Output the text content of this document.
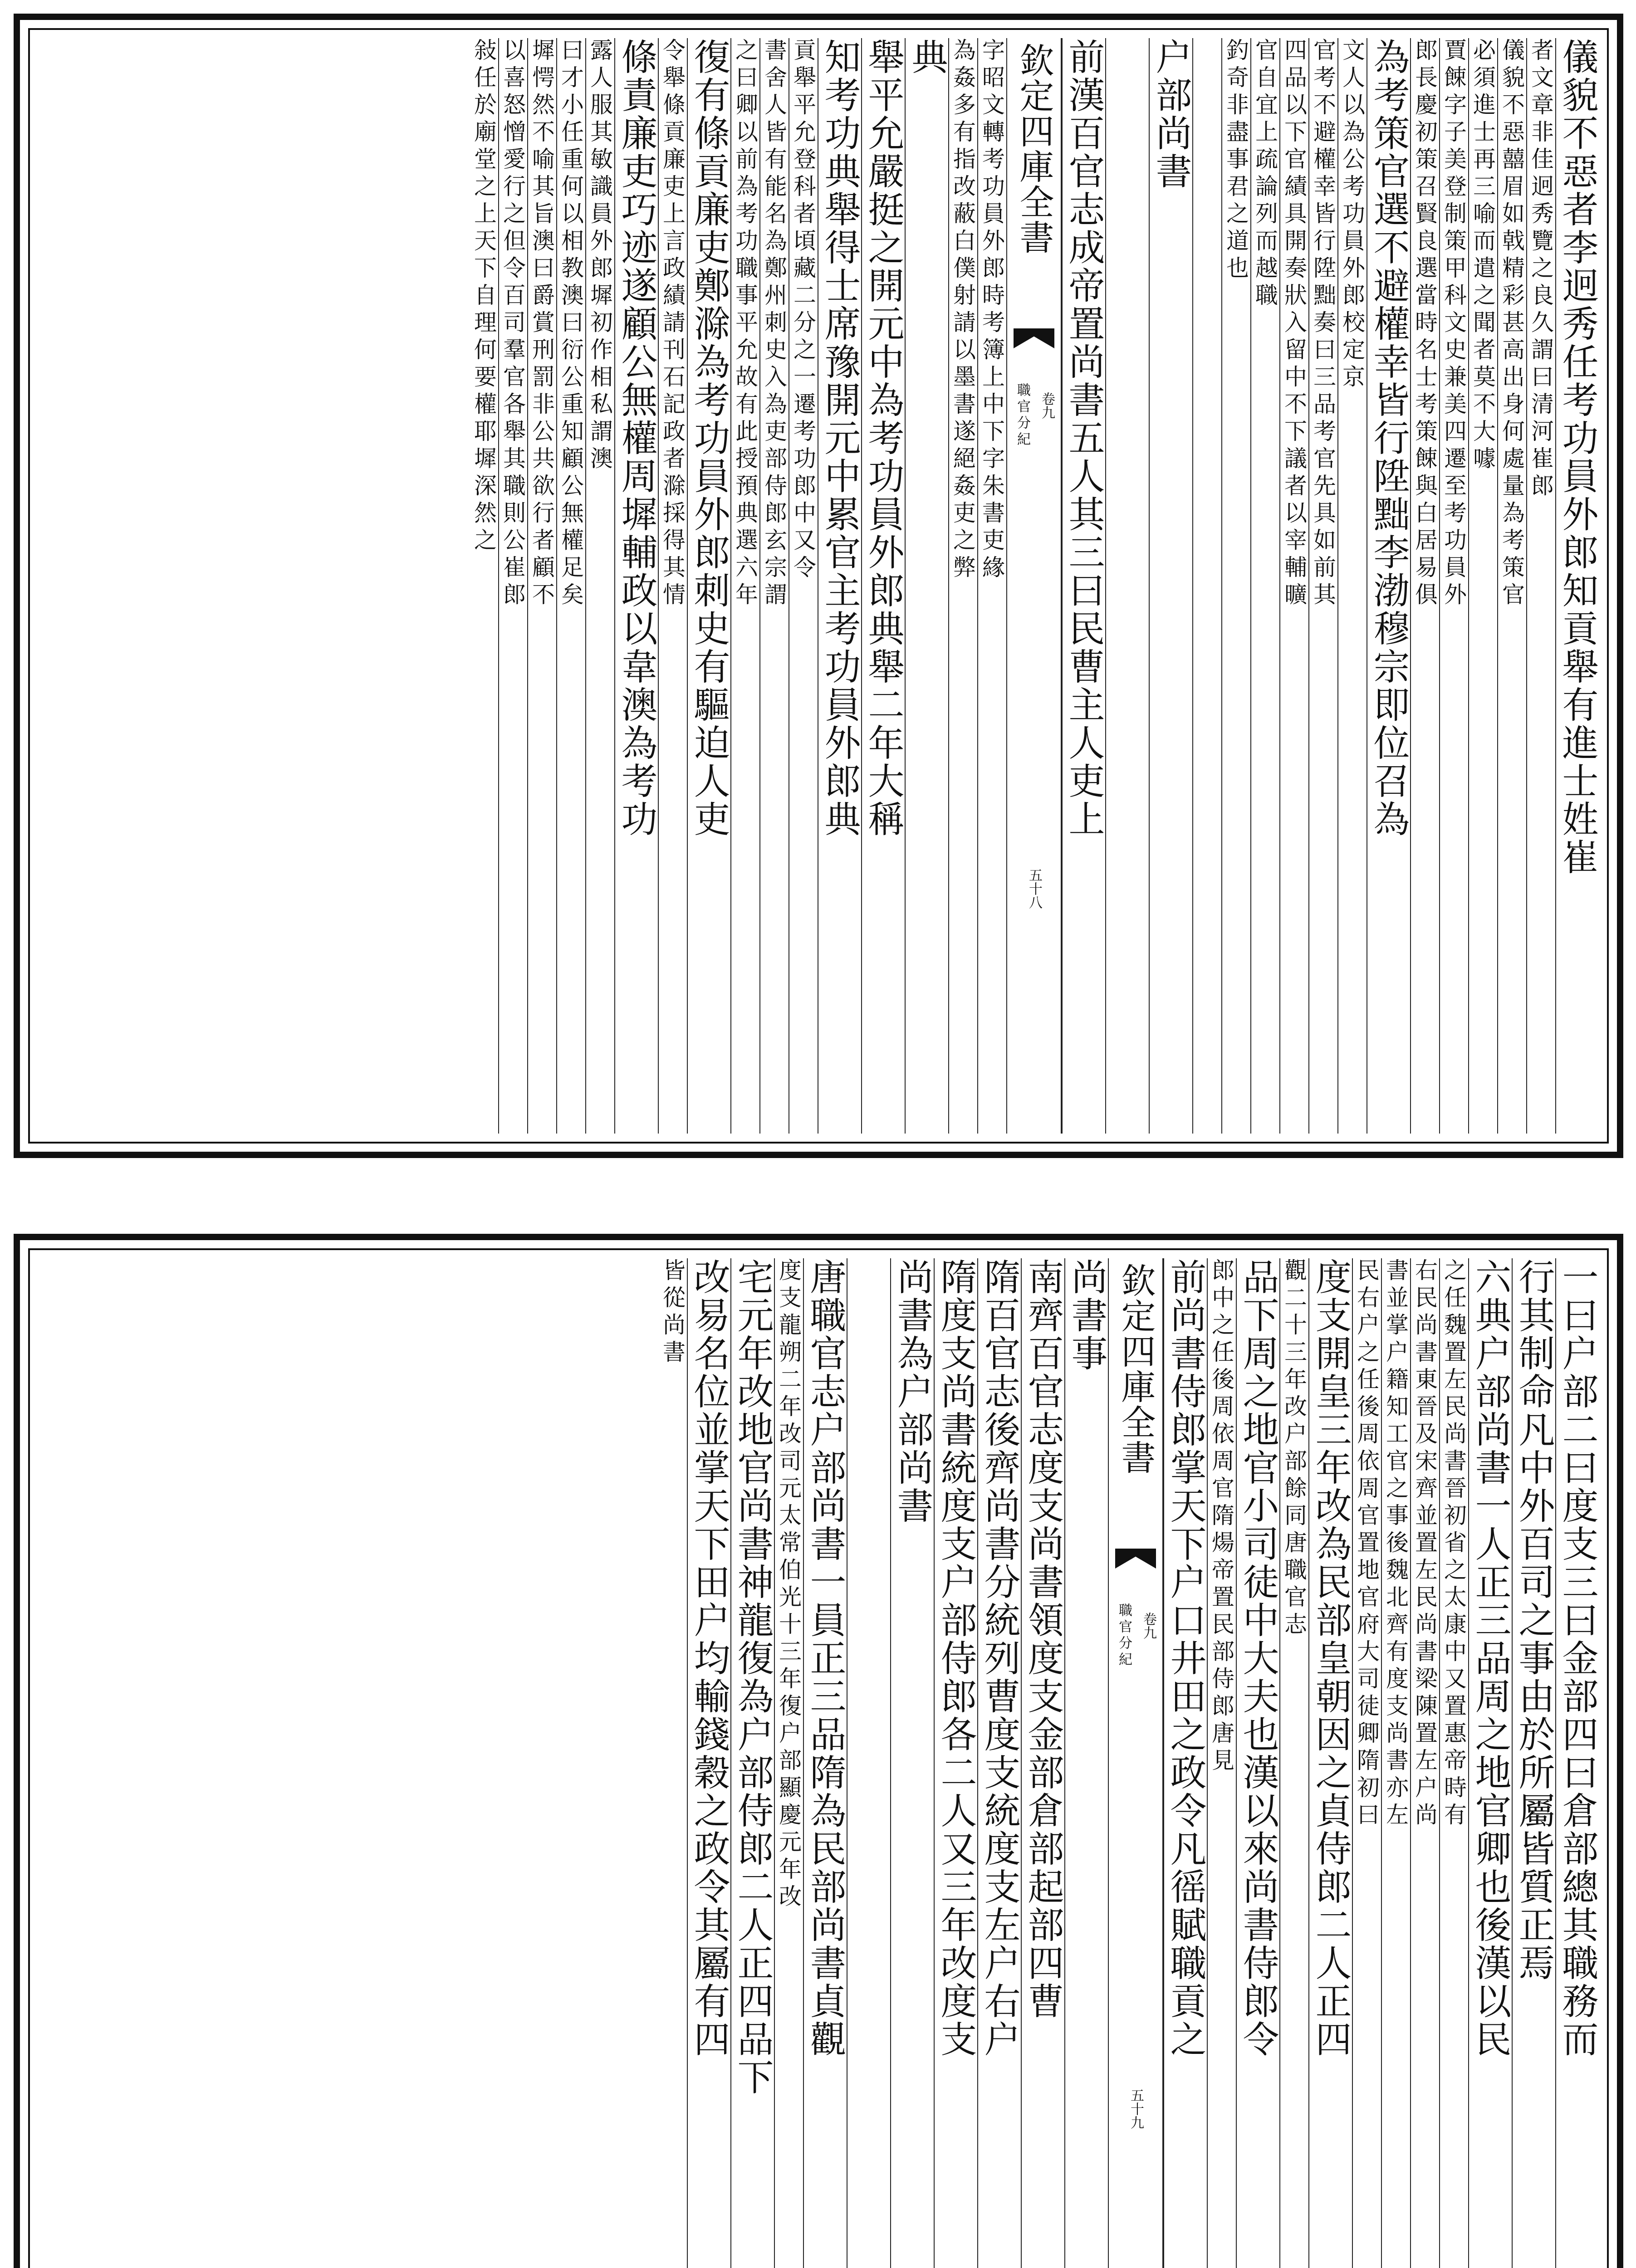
儀貌不惡者李迥秀任考功員外郎知貢舉有進士姓崔
者文章非佳迥秀覽之良久謂曰清河崔郎
儀貌不惡囍眉如戟精彩甚高出身何處量為考策官
必須進士再三喻而遣之聞者莫不大噱
賈餗字子美登制策甲科文史兼美四遷至考功員外
郎長慶初策召賢良選當時名士考策餗與白居易俱
為考策官選不避權幸皆行陞黜李渤穆宗即位召為
文人以為公考功員外郎校定京
官考不避權幸皆行陞黜奏曰三品考官先具如前其
四品以下官績具開奏狀入留中不下議者以宰輔曠
官自宜上疏論列而越職
釣奇非盡事君之道也
户部尚書
前漢百官志成帝置尚書五人其三曰民曹主人吏上
欽定四庫全書
職官分紀 卷九
五十八
字昭文轉考功員外郎時考簿上中下字朱書吏緣
為姦多有指改蔽白僕射請以墨書遂絕姦吏之弊
典
舉平允嚴挺之開元中為考功員外郎典舉二年大稱
知考功典舉得士席豫開元中累官主考功員外郎典
貢舉平允登科者頃藏二分之一遷考功郎中又令
書舍人皆有能名為鄭州刺史入為吏部侍郎玄宗謂
之曰卿以前為考功職事平允故有此授預典選六年
復有條貢廉吏鄭滁為考功員外郎刺史有驅迫人吏
令舉條貢廉吏上言政績請刊石記政者滁採得其情
條責廉吏巧迹遂顧公無權周墀輔政以韋澳為考功
露人服其敏識員外郎墀初作相私謂澳
曰才小任重何以相教澳曰衍公重知顧公無權足矣
墀愕然不喻其旨澳曰爵賞刑罰非公共欲行者顧不
以喜怒憎愛行之但令百司羣官各舉其職則公崔郎
敍任於廟堂之上天下自理何要權耶墀深然之
一曰户部二曰度支三曰金部四曰倉部總其職務而
行其制命凡中外百司之事由於所屬皆質正焉
六典户部尚書一人正三品周之地官卿也後漢以民
之任魏置左民尚書晉初省之太康中又置惠帝時有
右民尚書東晉及宋齊並置左民尚書梁陳置左户尚
書並掌户籍知工官之事後魏北齊有度支尚書亦左
民右户之任後周依周官置地官府大司徒卿隋初曰
度支開皇三年改為民部皇朝因之貞侍郎二人正四
觀二十三年改户部餘同唐職官志
品下周之地官小司徒中大夫也漢以來尚書侍郎令
郎中之任後周依周官隋煬帝置民部侍郎唐見
前尚書侍郎掌天下户口井田之政令凡徭賦職貢之
欽定四庫全書
職官分紀 卷九
五十九
尚書事
南齊百官志度支尚書領度支金部倉部起部四曹
隋百官志後齊尚書分統列曹度支統度支左户右户
隋度支尚書統度支户部侍郎各二人又三年改度支
尚書為户部尚書
唐職官志户部尚書一員正三品隋為民部尚書貞觀
度支龍朔二年改司元太常伯光十三年復户部顯慶元年改
宅元年改地官尚書神龍復為户部侍郎二人正四品下
改易名位並掌天下田户均輸錢穀之政令其屬有四
皆從尚書
